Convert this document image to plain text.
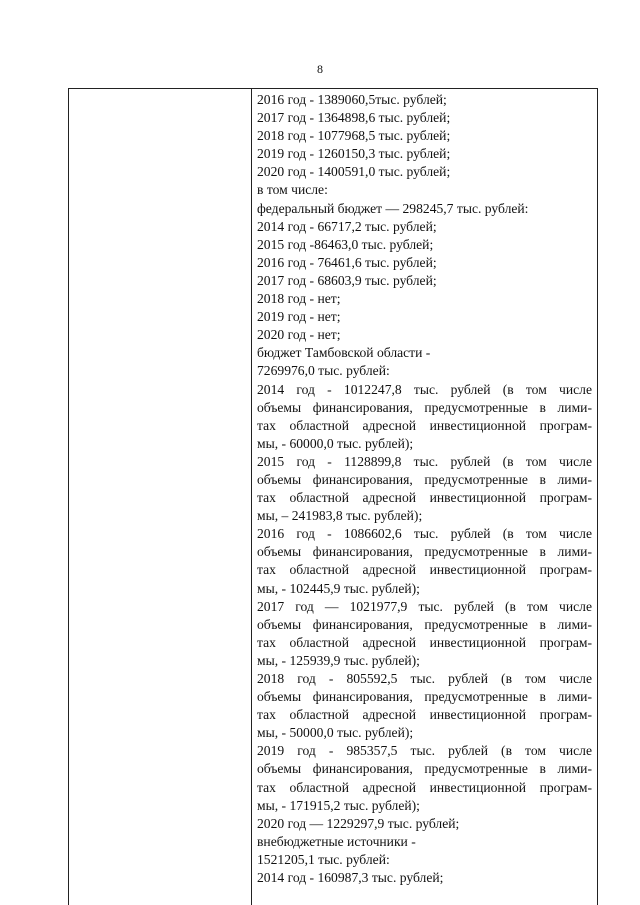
8
2016 год - 1389060,5тыс. рублей;
2017 год - 1364898,6 тыс. рублей;
2018 год - 1077968,5 тыс. рублей;
2019 год - 1260150,3 тыс. рублей;
2020 год - 1400591,0 тыс. рублей;
в том числе:
федеральный бюджет — 298245,7 тыс. рублей:
2014 год - 66717,2 тыс. рублей;
2015 год -86463,0 тыс. рублей;
2016 год - 76461,6 тыс. рублей;
2017 год - 68603,9 тыс. рублей;
2018 год - нет;
2019 год - нет;
2020 год - нет;
бюджет Тамбовской области -
7269976,0 тыс. рублей:
2014 год - 1012247,8 тыс. рублей (в том числе
объемы финансирования, предусмотренные в лими-
тах областной адресной инвестиционной програм-
мы, - 60000,0 тыс. рублей);
2015 год - 1128899,8 тыс. рублей (в том числе
объемы финансирования, предусмотренные в лими-
тах областной адресной инвестиционной програм-
мы, – 241983,8 тыс. рублей);
2016 год - 1086602,6 тыс. рублей (в том числе
объемы финансирования, предусмотренные в лими-
тах областной адресной инвестиционной програм-
мы, - 102445,9 тыс. рублей);
2017 год — 1021977,9 тыс. рублей (в том числе
объемы финансирования, предусмотренные в лими-
тах областной адресной инвестиционной програм-
мы, - 125939,9 тыс. рублей);
2018 год - 805592,5 тыс. рублей (в том числе
объемы финансирования, предусмотренные в лими-
тах областной адресной инвестиционной програм-
мы, - 50000,0 тыс. рублей);
2019 год - 985357,5 тыс. рублей (в том числе
объемы финансирования, предусмотренные в лими-
тах областной адресной инвестиционной програм-
мы, - 171915,2 тыс. рублей);
2020 год — 1229297,9 тыс. рублей;
внебюджетные источники -
1521205,1 тыс. рублей:
2014 год - 160987,3 тыс. рублей;
